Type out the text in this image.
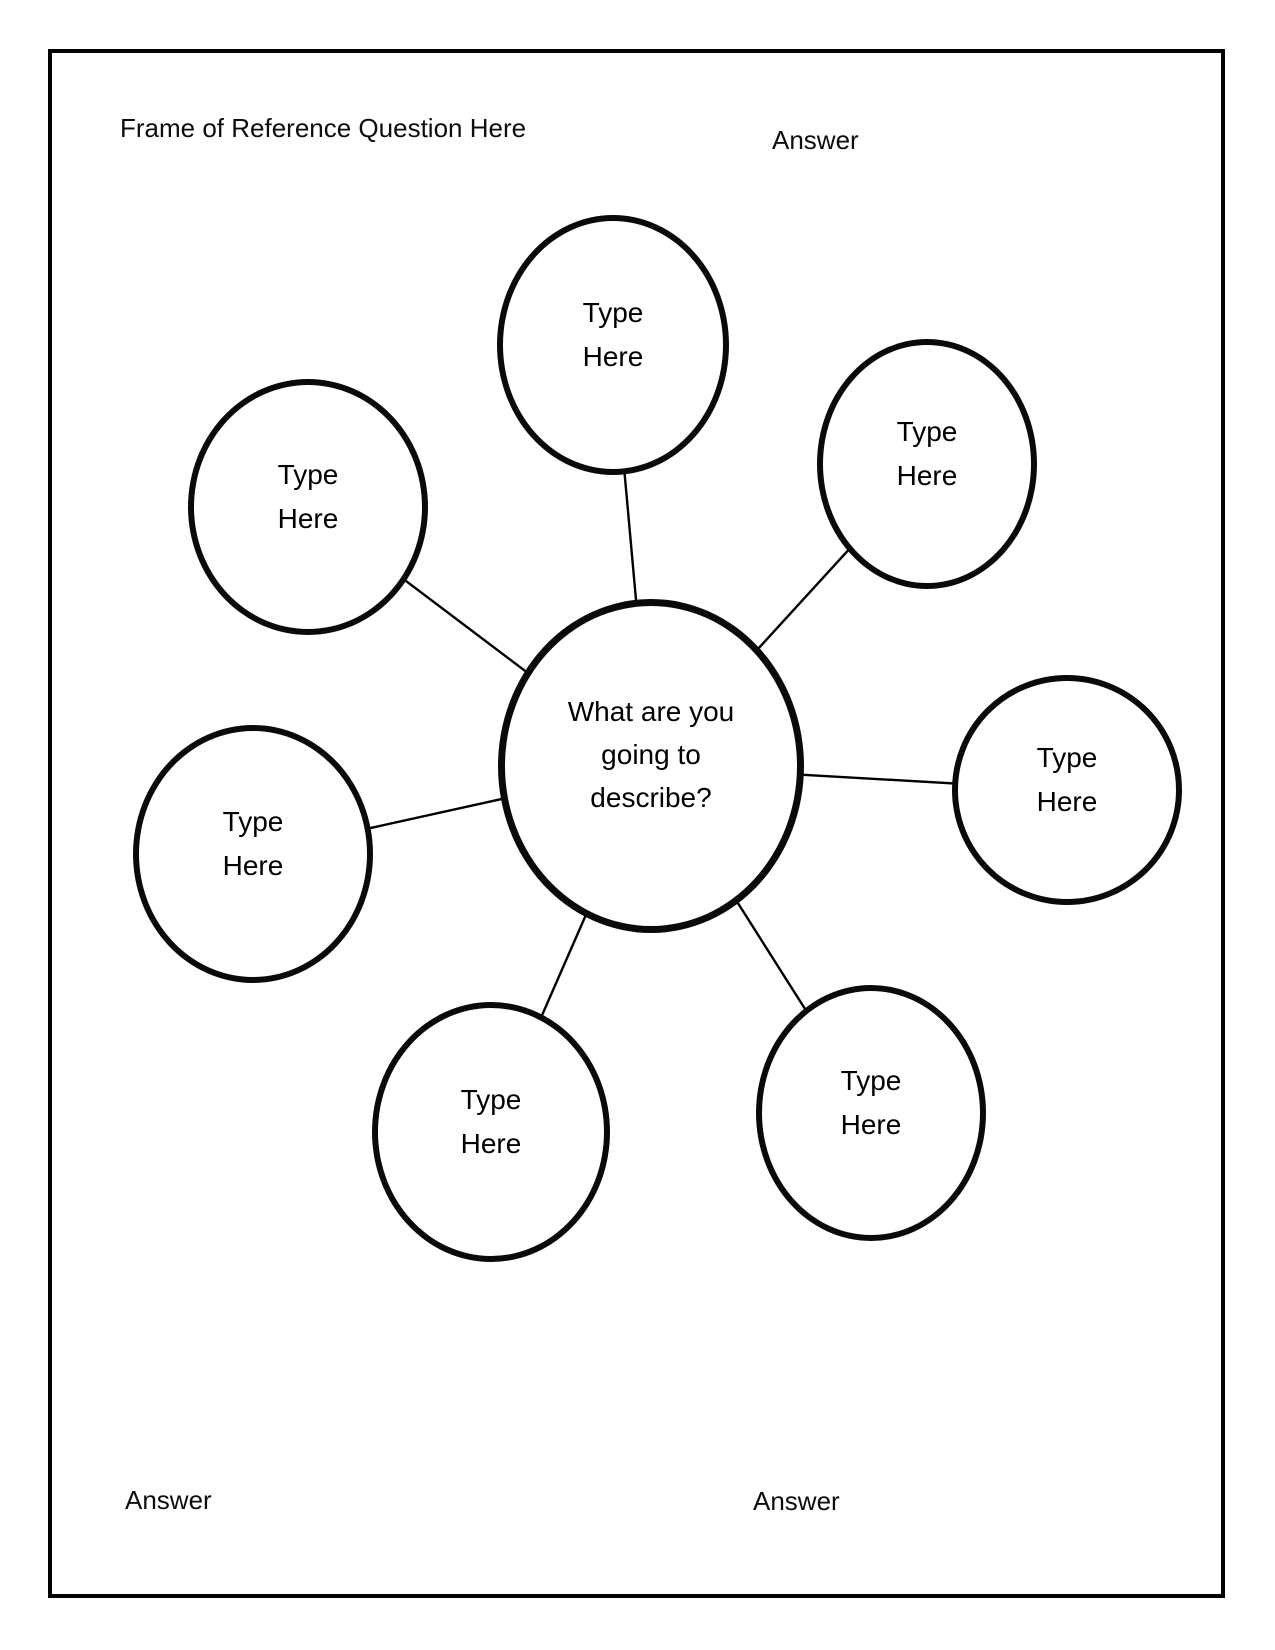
Frame of Reference Question Here	Answer
Type
Here
Type
Here
Type
Here
Type
Here
Type
Here
Type
Here
Type
Here
What are you
going to
describe?
Answer	Answer
